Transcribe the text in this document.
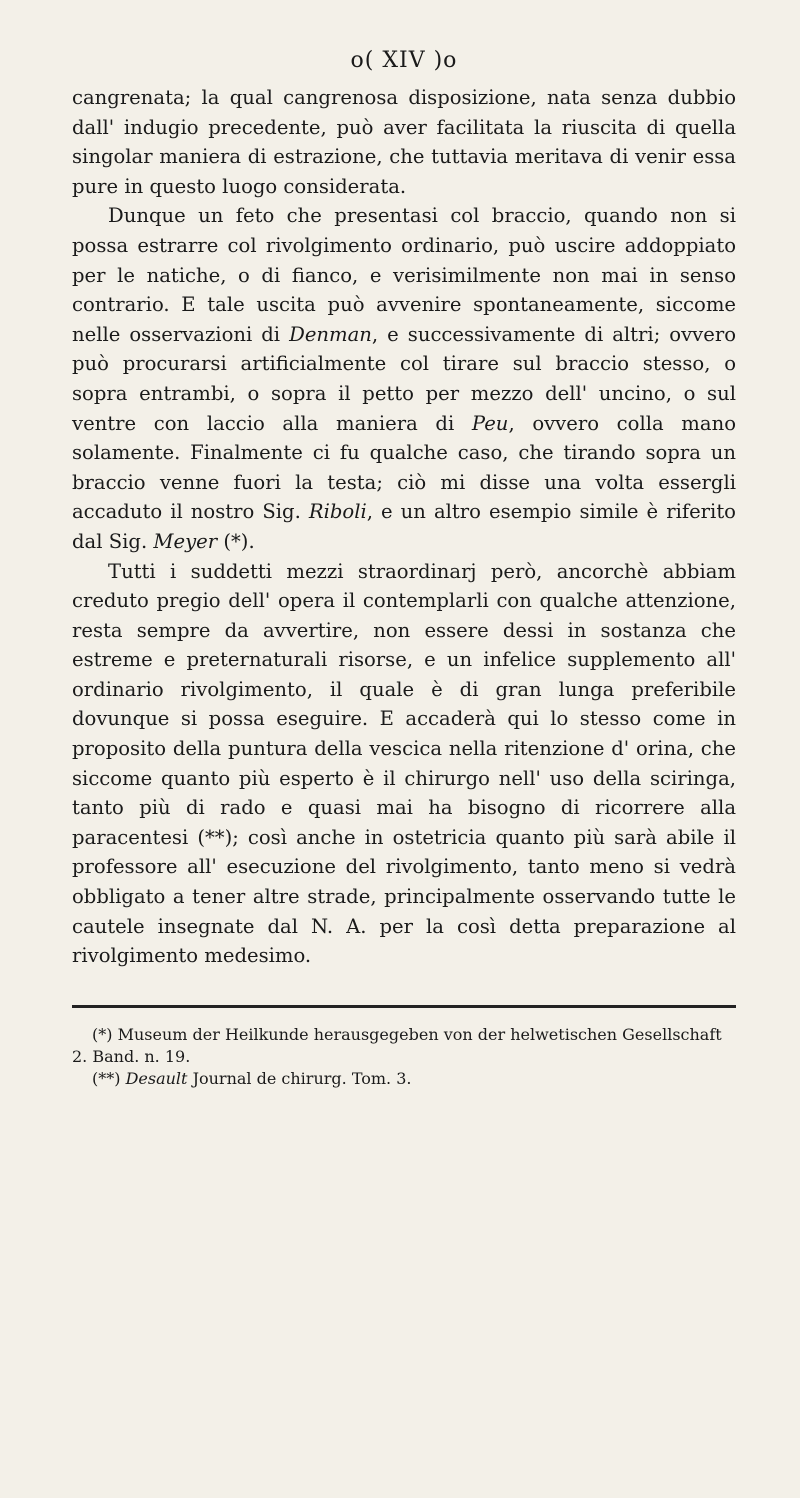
o( XIV )o

cangrenata; la qual cangrenosa disposizione, nata senza dubbio dall' indugio precedente, può aver facilitata la riuscita di quella singolar maniera di estrazione, che tuttavia meritava di venir essa pure in questo luogo considerata.

Dunque un feto che presentasi col braccio, quando non si possa estrarre col rivolgimento ordinario, può uscire addoppiato per le natiche, o di fianco, e verisimilmente non mai in senso contrario. E tale uscita può avvenire spontaneamente, siccome nelle osservazioni di Denman, e successivamente di altri; ovvero può procurarsi artificialmente col tirare sul braccio stesso, o sopra entrambi, o sopra il petto per mezzo dell' uncino, o sul ventre con laccio alla maniera di Peu, ovvero colla mano solamente. Finalmente ci fu qualche caso, che tirando sopra un braccio venne fuori la testa; ciò mi disse una volta essergli accaduto il nostro Sig. Riboli, e un altro esempio simile è riferito dal Sig. Meyer (*).

Tutti i suddetti mezzi straordinarj però, ancorchè abbiam creduto pregio dell' opera il contemplarli con qualche attenzione, resta sempre da avvertire, non essere dessi in sostanza che estreme e preternaturali risorse, e un infelice supplemento all' ordinario rivolgimento, il quale è di gran lunga preferibile dovunque si possa eseguire. E accaderà qui lo stesso come in proposito della puntura della vescica nella ritenzione d' orina, che siccome quanto più esperto è il chirurgo nell' uso della sciringa, tanto più di rado e quasi mai ha bisogno di ricorrere alla paracentesi (**); così anche in ostetricia quanto più sarà abile il professore all' esecuzione del rivolgimento, tanto meno si vedrà obbligato a tener altre strade, principalmente osservando tutte le cautele insegnate dal N. A. per la così detta preparazione al rivolgimento medesimo.

(*) Museum der Heilkunde herausgegeben von der helwetischen Gesellschaft 2. Band. n. 19.
(**) Desault Journal de chirurg. Tom. 3.
